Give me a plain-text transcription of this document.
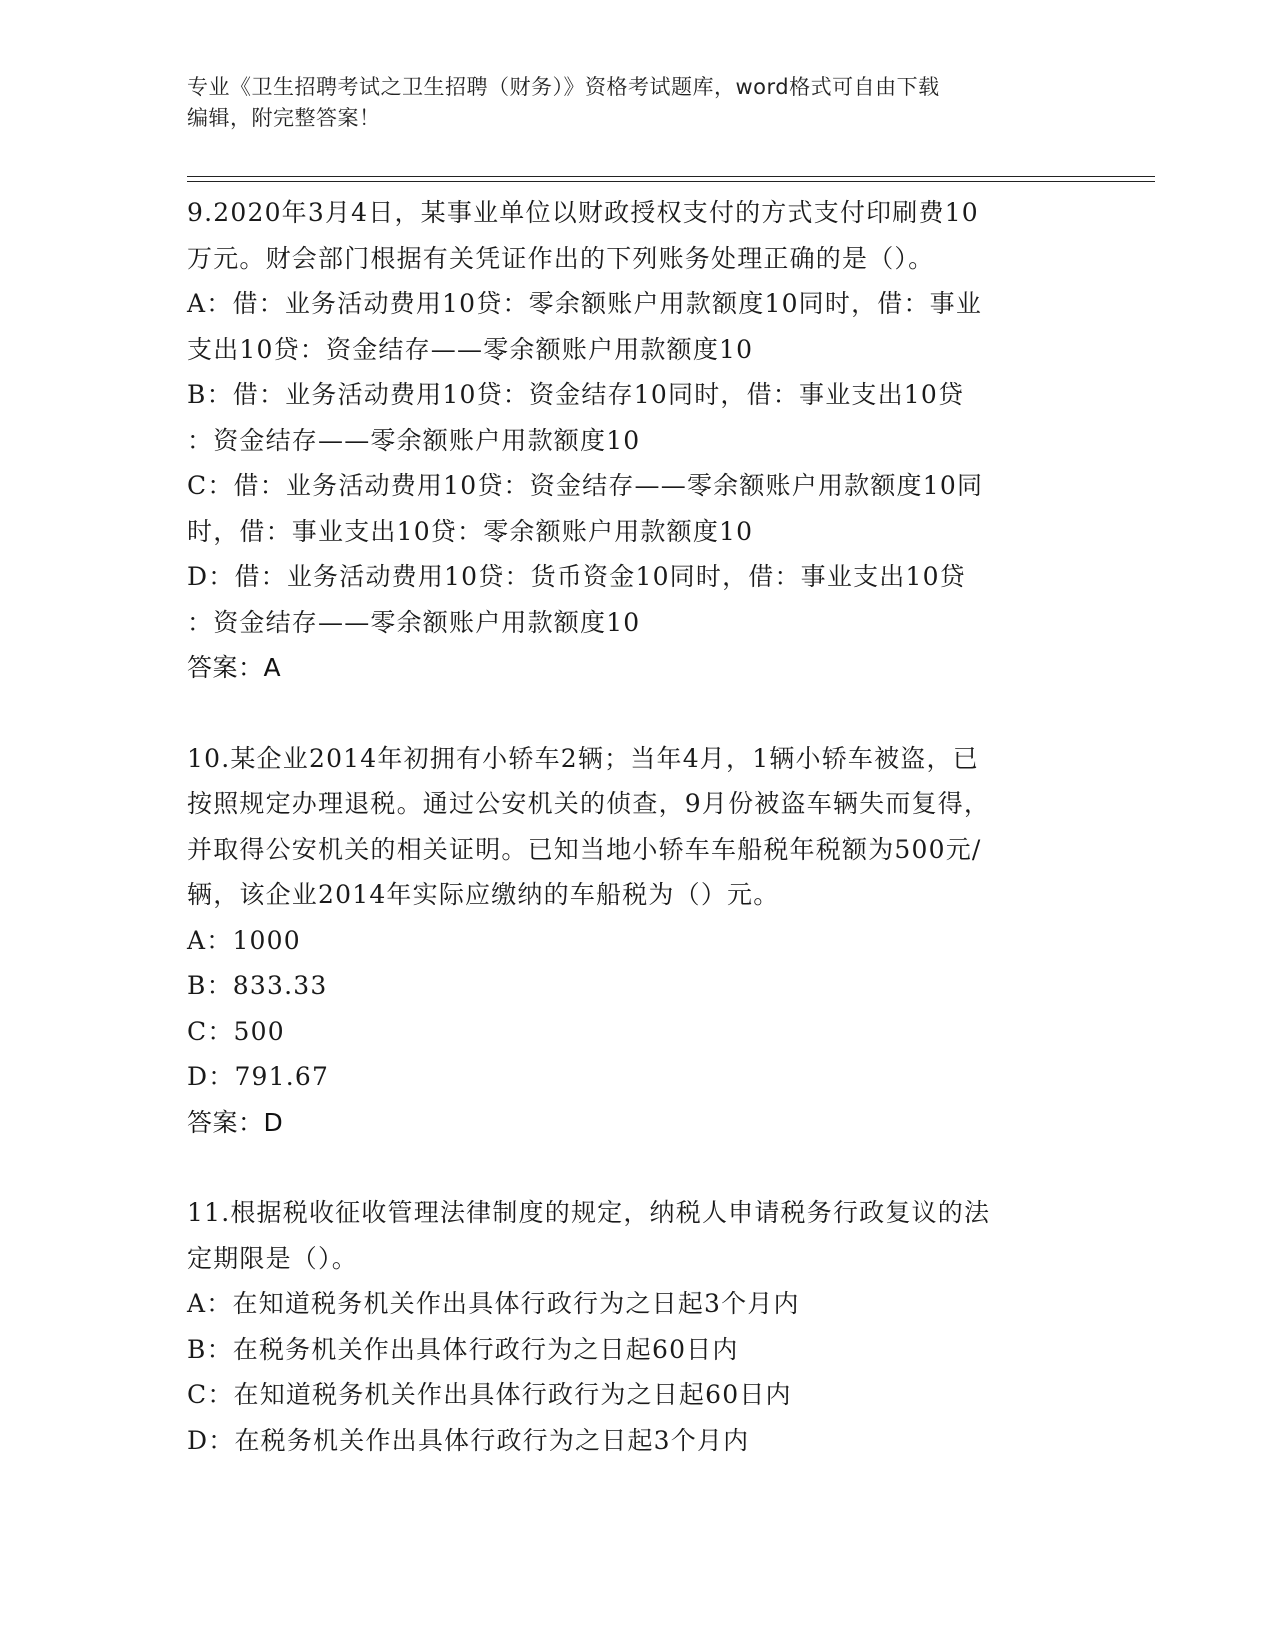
专业《卫生招聘考试之卫生招聘（财务）》资格考试题库，word格式可自由下载
编辑，附完整答案！
9.2020年3月4日，某事业单位以财政授权支付的方式支付印刷费10
万元。财会部门根据有关凭证作出的下列账务处理正确的是（）。
A：借：业务活动费用10贷：零余额账户用款额度10同时，借：事业
支出10贷：资金结存——零余额账户用款额度10
B：借：业务活动费用10贷：资金结存10同时，借：事业支出10贷
：资金结存——零余额账户用款额度10
C：借：业务活动费用10贷：资金结存——零余额账户用款额度10同
时，借：事业支出10贷：零余额账户用款额度10
D：借：业务活动费用10贷：货币资金10同时，借：事业支出10贷
：资金结存——零余额账户用款额度10
答案：A
10.某企业2014年初拥有小轿车2辆；当年4月，1辆小轿车被盗，已
按照规定办理退税。通过公安机关的侦查，9月份被盗车辆失而复得，
并取得公安机关的相关证明。已知当地小轿车车船税年税额为500元/
辆，该企业2014年实际应缴纳的车船税为（）元。
A：1000
B：833.33
C：500
D：791.67
答案：D
11.根据税收征收管理法律制度的规定，纳税人申请税务行政复议的法
定期限是（）。
A：在知道税务机关作出具体行政行为之日起3个月内
B：在税务机关作出具体行政行为之日起60日内
C：在知道税务机关作出具体行政行为之日起60日内
D：在税务机关作出具体行政行为之日起3个月内
